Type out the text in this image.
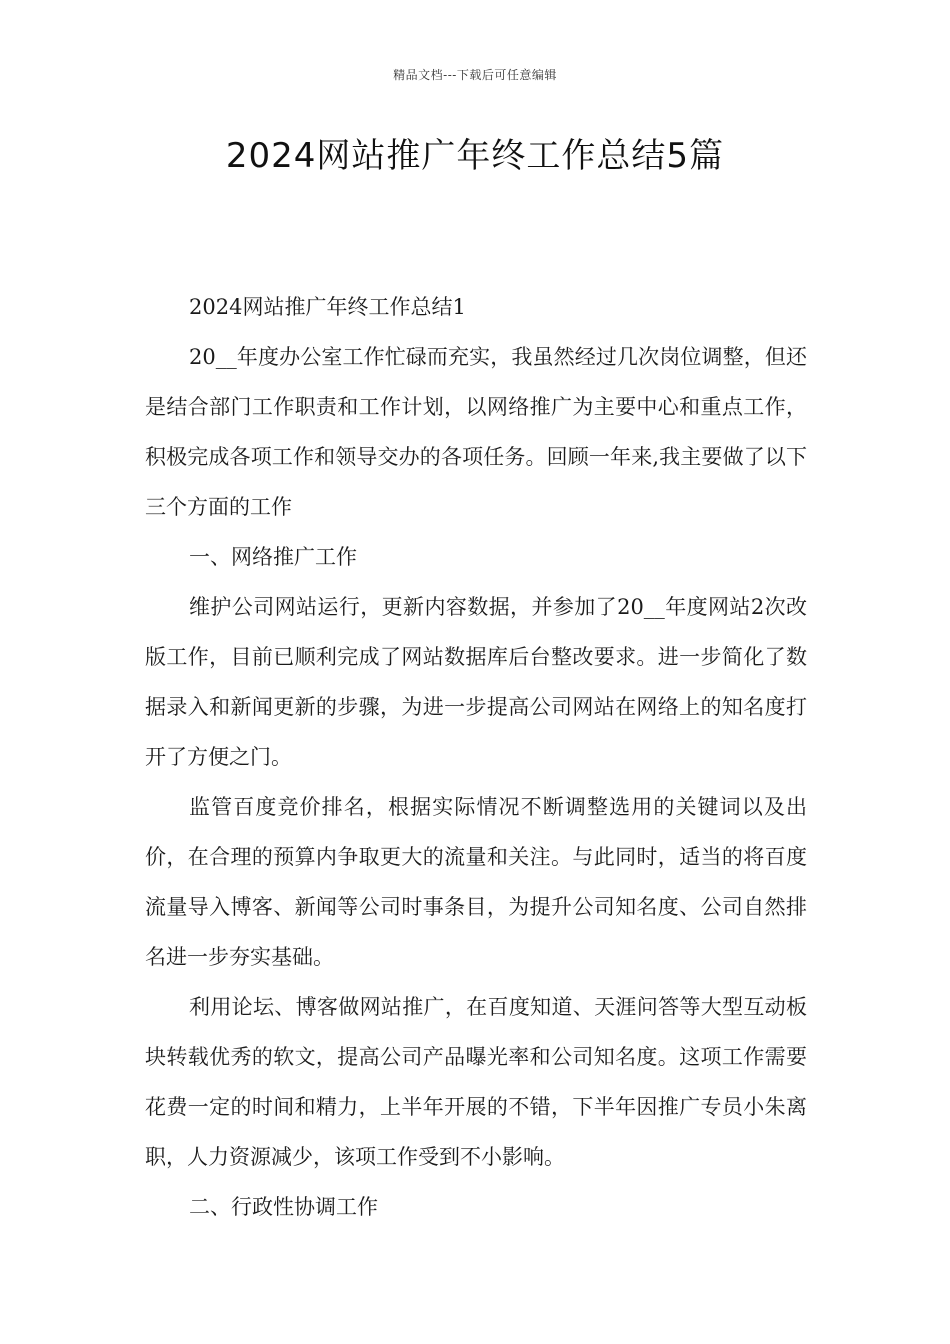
精品文档---下载后可任意编辑
2024网站推广年终工作总结5篇

2024网站推广年终工作总结1

20__年度办公室工作忙碌而充实，我虽然经过几次岗位调整，但还是结合部门工作职责和工作计划，以网络推广为主要中心和重点工作，积极完成各项工作和领导交办的各项任务。回顾一年来,我主要做了以下三个方面的工作

一、网络推广工作

维护公司网站运行，更新内容数据，并参加了20__年度网站2次改版工作，目前已顺利完成了网站数据库后台整改要求。进一步简化了数据录入和新闻更新的步骤，为进一步提高公司网站在网络上的知名度打开了方便之门。

监管百度竞价排名，根据实际情况不断调整选用的关键词以及出价，在合理的预算内争取更大的流量和关注。与此同时，适当的将百度流量导入博客、新闻等公司时事条目，为提升公司知名度、公司自然排名进一步夯实基础。

利用论坛、博客做网站推广，在百度知道、天涯问答等大型互动板块转载优秀的软文，提高公司产品曝光率和公司知名度。这项工作需要花费一定的时间和精力，上半年开展的不错，下半年因推广专员小朱离职，人力资源减少，该项工作受到不小影响。

二、行政性协调工作
